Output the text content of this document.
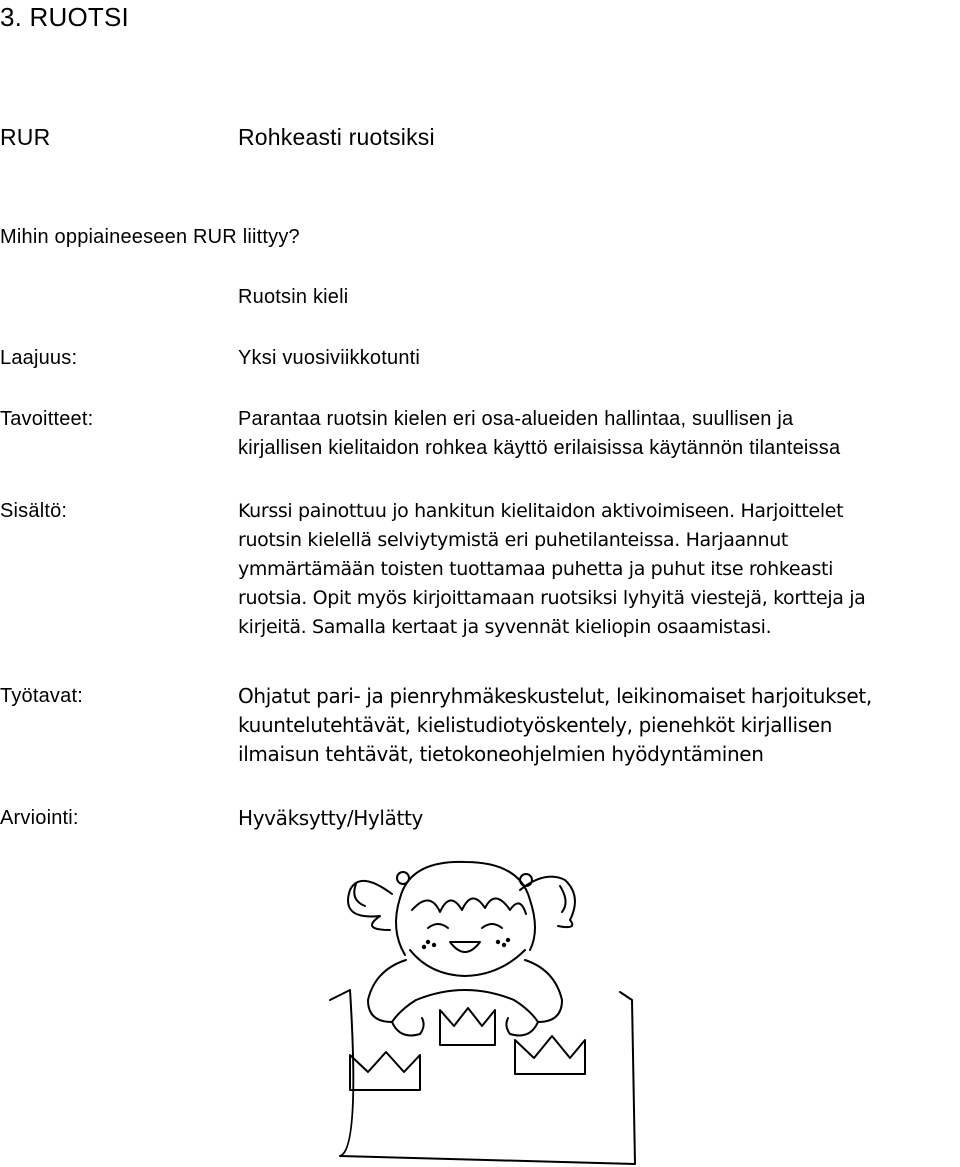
3. RUOTSI
RUR	Rohkeasti ruotsiksi
Mihin oppiaineeseen RUR liittyy?
Ruotsin kieli
Laajuus:
Tavoitteet:
Sisältö:
Työtavat:
Arviointi:
Yksi vuosiviikkotunti
Parantaa ruotsin kielen eri osa-alueiden hallintaa, suullisen ja
kirjallisen kielitaidon rohkea käyttö erilaisissa käytännön tilanteissa
Kurssi painottuu jo hankitun kielitaidon aktivoimiseen. Harjoittelet
ruotsin kielellä selviytymistä eri puhetilanteissa. Harjaannut
ymmärtämään toisten tuottamaa puhetta ja puhut itse rohkeasti
ruotsia. Opit myös kirjoittamaan ruotsiksi lyhyitä viestejä, kortteja ja
kirjeitä. Samalla kertaat ja syvennät kieliopin osaamistasi.
Ohjatut pari- ja pienryhmäkeskustelut, leikinomaiset harjoitukset,
kuuntelutehtävät, kielistudiotyöskentely, pienehköt kirjallisen
ilmaisun tehtävät, tietokoneohjelmien hyödyntäminen
Hyväksytty/Hylätty
